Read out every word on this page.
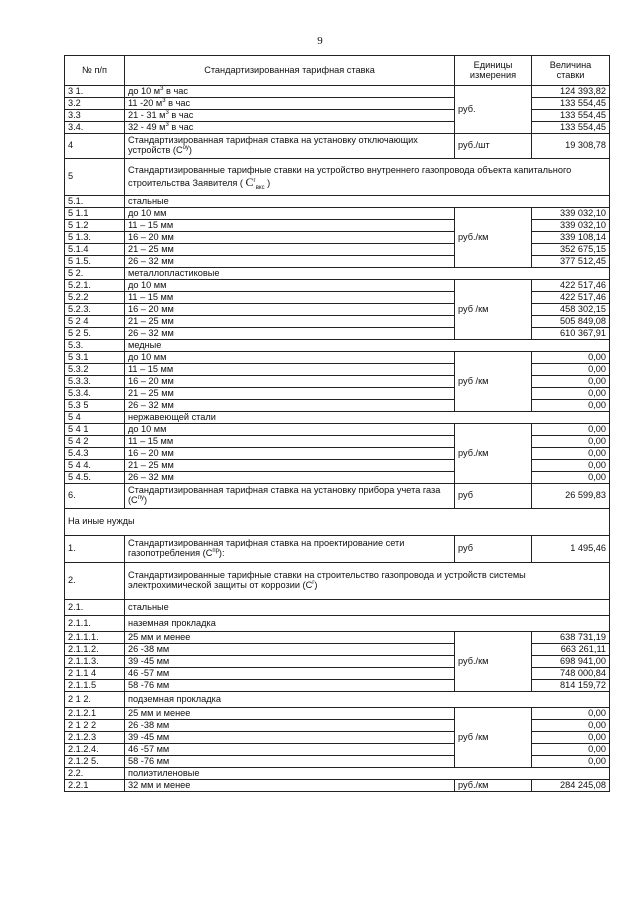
9
№ п/п	Стандартизированная тарифная ставка	Единицы измерения	Величина ставки
3 1.	до 10 $м^3$ в час	руб.	124 393,82
3.2	11 -20 $м^3$ в час		133 554,45
3.3	21 - 31 $м^3$ в час		133 554,45
3.4.	32 - 49 $м^3$ в час		133 554,45
4	Стандартизированная тарифная ставка на установку отключающих устройств $(С^{оу})$	руб./шт	19 308,78
5	Стандартизированные тарифные ставки на устройство внутреннего газопровода объекта капитального строительства Заявителя ( $C^г_{вкс}$ )		
5.1.	стальные		
5 1.1	до 10 мм	руб./км	339 032,10
5 1.2	11 – 15 мм		339 032,10
5 1.3.	16 – 20 мм		339 108,14
5.1.4	21 – 25 мм		352 675,15
5 1.5.	26 – 32 мм		377 512,45
5 2.	металлопластиковые		
5.2.1.	до 10 мм	руб /км	422 517,46
5.2.2	11 – 15 мм		422 517,46
5.2.3.	16 – 20 мм		458 302,15
5 2 4	21 – 25 мм		505 849,08
5 2 5.	26 – 32 мм		610 367,91
5.3.	медные		
5 3.1	до 10 мм	руб /км	0,00
5.3.2	11 – 15 мм		0,00
5.3.3.	16 – 20 мм		0,00
5.3.4.	21 – 25 мм		0,00
5.3 5	26 – 32 мм		0,00
5 4	нержавеющей стали		
5 4 1	до 10 мм	руб./км	0,00
5 4 2	11 – 15 мм		0,00
5.4.3	16 – 20 мм		0,00
5 4 4.	21 – 25 мм		0,00
5 4.5.	26 – 32 мм		0,00
6.	Стандартизированная тарифная ставка на установку прибора учета газа $(С^{пу})$	руб	26 599,83
На иные нужды			
1.	Стандартизированная тарифная ставка на проектирование сети газопотребления $(С^{пр})$:	руб	1 495,46
2.	Стандартизированные тарифные ставки на строительство газопровода и устройств системы электрохимической защиты от коррозии $(С^г)$		
2.1.	стальные		
2.1.1.	наземная прокладка		
2.1.1.1.	25 мм и менее	руб./км	638 731,19
2.1.1.2.	26 -38 мм		663 261,11
2.1.1.3.	39 -45 мм		698 941,00
2 1.1 4	46 -57 мм		748 000,84
2.1.1.5	58 -76 мм		814 159,72
2 1 2.	подземная прокладка		
2.1.2.1	25 мм и менее	руб /км	0,00
2 1 2 2	26 -38 мм		0,00
2.1.2.3	39 -45 мм		0,00
2.1.2.4.	46 -57 мм		0,00
2.1.2 5.	58 -76 мм		0,00
2.2.	полиэтиленовые		
2.2.1	32 мм и менее	руб./км	284 245,08
